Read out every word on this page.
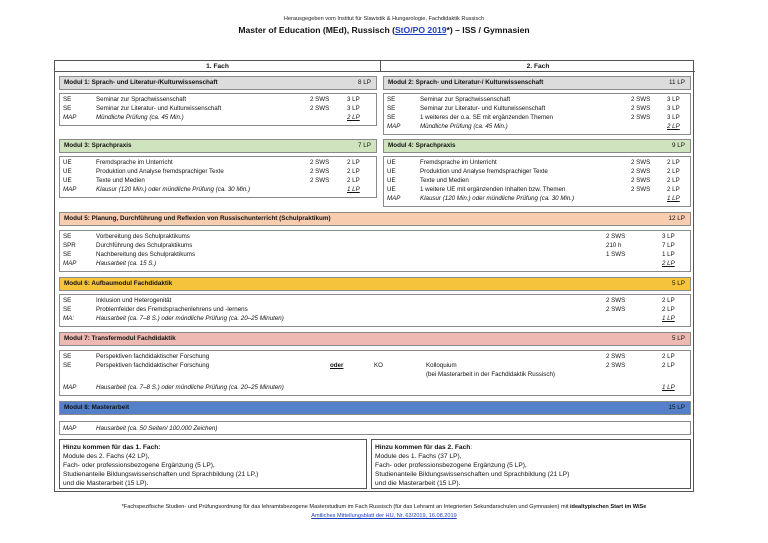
Herausgegeben vom Institut für Slawistik & Hungarologie, Fachdidaktik Russisch
Master of Education (MEd), Russisch (StO/PO 2019*) – ISS / Gymnasien
1. Fach	2. Fach
Modul 1: Sprach- und Literatur-/Kulturwissenschaft	8 LP
SE	Seminar zur Sprachwissenschaft	2 SWS	3 LP
SE	Seminar zur Literatur- und Kulturwissenschaft	2 SWS	3 LP
MAP	Mündliche Prüfung (ca. 45 Min.)	2 LP
Modul 2: Sprach- und Literatur-/ Kulturwissenschaft	11 LP
SE	Seminar zur Sprachwissenschaft	2 SWS	3 LP
SE	Seminar zur Literatur- und Kulturwissenschaft	2 SWS	3 LP
SE	1 weiteres der o.a. SE mit ergänzenden Themen	2 SWS	3 LP
MAP	Mündliche Prüfung (ca. 45 Min.)	2 LP
Modul 3: Sprachpraxis	7 LP
UE	Fremdsprache im Unterricht	2 SWS	2 LP
UE	Produktion und Analyse fremdsprachiger Texte	2 SWS	2 LP
UE	Texte und Medien	2 SWS	2 LP
MAP	Klausur (120 Min.) oder mündliche Prüfung (ca. 30 Min.)	1 LP
Modul 4: Sprachpraxis	9 LP
UE	Fremdsprache im Unterricht	2 SWS	2 LP
UE	Produktion und Analyse fremdsprachiger Texte	2 SWS	2 LP
UE	Texte und Medien	2 SWS	2 LP
UE	1 weitere UE mit ergänzenden Inhalten bzw. Themen	2 SWS	2 LP
MAP	Klausur (120 Min.) oder mündliche Prüfung (ca. 30 Min.)	1 LP
Modul 5: Planung, Durchführung und Reflexion von Russischunterricht (Schulpraktikum)	12 LP
SE	Vorbereitung des Schulpraktikums	2 SWS	3 LP
SPR	Durchführung des Schulpraktikums	210 h	7 LP
SE	Nachbereitung des Schulpraktikums	1 SWS	1 LP
MAP	Hausarbeit (ca. 15 S.)	2 LP
Modul 6: Aufbaumodul Fachdidaktik	5 LP
SE	Inklusion und Heterogenität	2 SWS	2 LP
SE	Problemfelder des Fremdsprachenlehrens und -lernens	2 SWS	2 LP
MA:	Hausarbeit (ca. 7–8 S.) oder mündliche Prüfung (ca. 20–25 Minuten)	1 LP
Modul 7: Transfermodul Fachdidaktik	5 LP
SE	Perspektiven fachdidaktischer Forschung	2 SWS	2 LP
SE	Perspektiven fachdidaktischer Forschung	oder	KO	Kolloquium	2 SWS	2 LP
(bei Masterarbeit in der Fachdidaktik Russisch)
MAP	Hausarbeit (ca. 7–8 S.) oder mündliche Prüfung (ca. 20–25 Minuten)	1 LP
Modul 8: Masterarbeit	15 LP
MAP	Hausarbeit (ca. 50 Seiten/ 100.000 Zeichen)
Hinzu kommen für das 1. Fach:
Module des 2. Fachs (42 LP),
Fach- oder professionsbezogene Ergänzung (5 LP),
Studienanteile Bildungswissenschaften und Sprachbildung (21 LP,)
und die Masterarbeit (15 LP).
Hinzu kommen für das 2. Fach:
Module des 1. Fachs (37 LP),
Fach- oder professionsbezogene Ergänzung (5 LP),
Studienanteile Bildungswissenschaften und Sprachbildung (21 LP)
und die Masterarbeit (15 LP).
*Fachspezifische Studien- und Prüfungsordnung für das lehramtsbezogene Masterstudium im Fach Russisch (für das Lehramt an Integrierten Sekundarschulen und Gymnasien) mit idealtypischen Start im WiSe
Amtliches Mitteilungsblatt der HU, Nr. 63/2019, 16.08.2019
